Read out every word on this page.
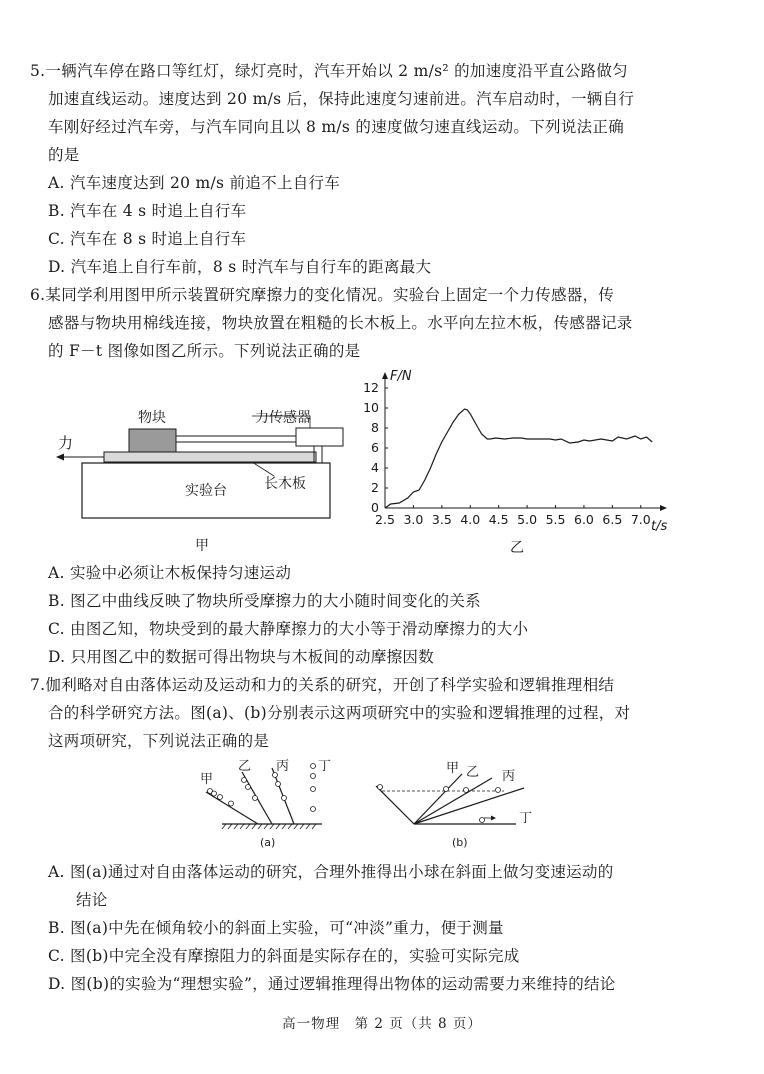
5.一辆汽车停在路口等红灯，绿灯亮时，汽车开始以 2 m/s² 的加速度沿平直公路做匀
加速直线运动。速度达到 20 m/s 后，保持此速度匀速前进。汽车启动时，一辆自行
车刚好经过汽车旁，与汽车同向且以 8 m/s 的速度做匀速直线运动。下列说法正确
的是
A. 汽车速度达到 20 m/s 前追不上自行车
B. 汽车在 4 s 时追上自行车
C. 汽车在 8 s 时追上自行车
D. 汽车追上自行车前，8 s 时汽车与自行车的距离最大
6.某同学利用图甲所示装置研究摩擦力的变化情况。实验台上固定一个力传感器，传
感器与物块用棉线连接，物块放置在粗糙的长木板上。水平向左拉木板，传感器记录
的 F－t 图像如图乙所示。下列说法正确的是
力
物块	力传感器
实验台	长木板
甲
2.5 3.0 3.5 4.0 4.5 5.0 5.5 6.0 6.5 7.0
0
2
4
6
8
10
12
F/N
t/s
乙
A. 实验中必须让木板保持匀速运动
B. 图乙中曲线反映了物块所受摩擦力的大小随时间变化的关系
C. 由图乙知，物块受到的最大静摩擦力的大小等于滑动摩擦力的大小
D. 只用图乙中的数据可得出物块与木板间的动摩擦因数
7.伽利略对自由落体运动及运动和力的关系的研究，开创了科学实验和逻辑推理相结
合的科学研究方法。图(a)、(b)分别表示这两项研究中的实验和逻辑推理的过程，对
这两项研究，下列说法正确的是
甲
乙 丙 丁
(a)
甲 乙 丙
丁
(b)
A. 图(a)通过对自由落体运动的研究，合理外推得出小球在斜面上做匀变速运动的
结论
B. 图(a)中先在倾角较小的斜面上实验，可“冲淡”重力，便于测量
C. 图(b)中完全没有摩擦阻力的斜面是实际存在的，实验可实际完成
D. 图(b)的实验为“理想实验”，通过逻辑推理得出物体的运动需要力来维持的结论
高一物理　第 2 页（共 8 页）
